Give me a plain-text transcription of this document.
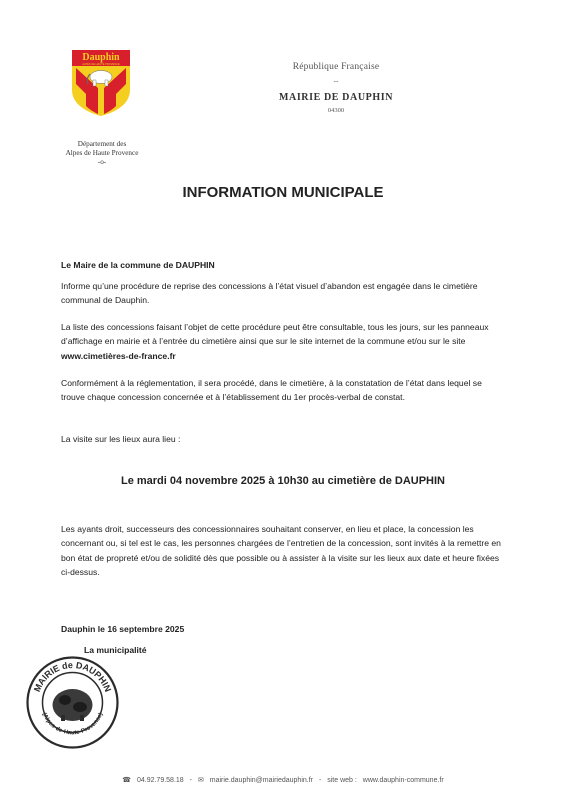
Dauphin
ALPES DE HAUTE PROVENCE
Département des
Alpes de Haute Provence
-o-
République Française
--
MAIRIE DE DAUPHIN
04300
INFORMATION MUNICIPALE
Le Maire de la commune de DAUPHIN
Informe qu’une procédure de reprise des concessions à l’état visuel d’abandon est engagée dans le cimetière communal de Dauphin.
La liste des concessions faisant l’objet de cette procédure peut être consultable, tous les jours, sur les panneaux d’affichage en mairie et à l’entrée du cimetière ainsi que sur le site internet de la commune et/ou sur le site www.cimetières-de-france.fr
Conformément à la réglementation, il sera procédé, dans le cimetière, à la constatation de l’état dans lequel se trouve chaque concession concernée et à l’établissement du 1er procès-verbal de constat.
La visite sur les lieux aura lieu :
Le mardi 04 novembre 2025 à 10h30 au cimetière de DAUPHIN
Les ayants droit, successeurs des concessionnaires souhaitant conserver, en lieu et place, la concession les concernant ou, si tel est le cas, les personnes chargées de l’entretien de la concession, sont invités à la remettre en bon état de propreté et/ou de solidité dès que possible ou à assister à la visite sur les lieux aux date et heure fixées ci-dessus.
Dauphin le 16 septembre 2025
La municipalité
MAIRIE de DAUPHIN
(Alpes-de-Haute-Provence)
☎ 04.92.79.58.18 - ✉ mairie.dauphin@mairiedauphin.fr - site web : www.dauphin-commune.fr
